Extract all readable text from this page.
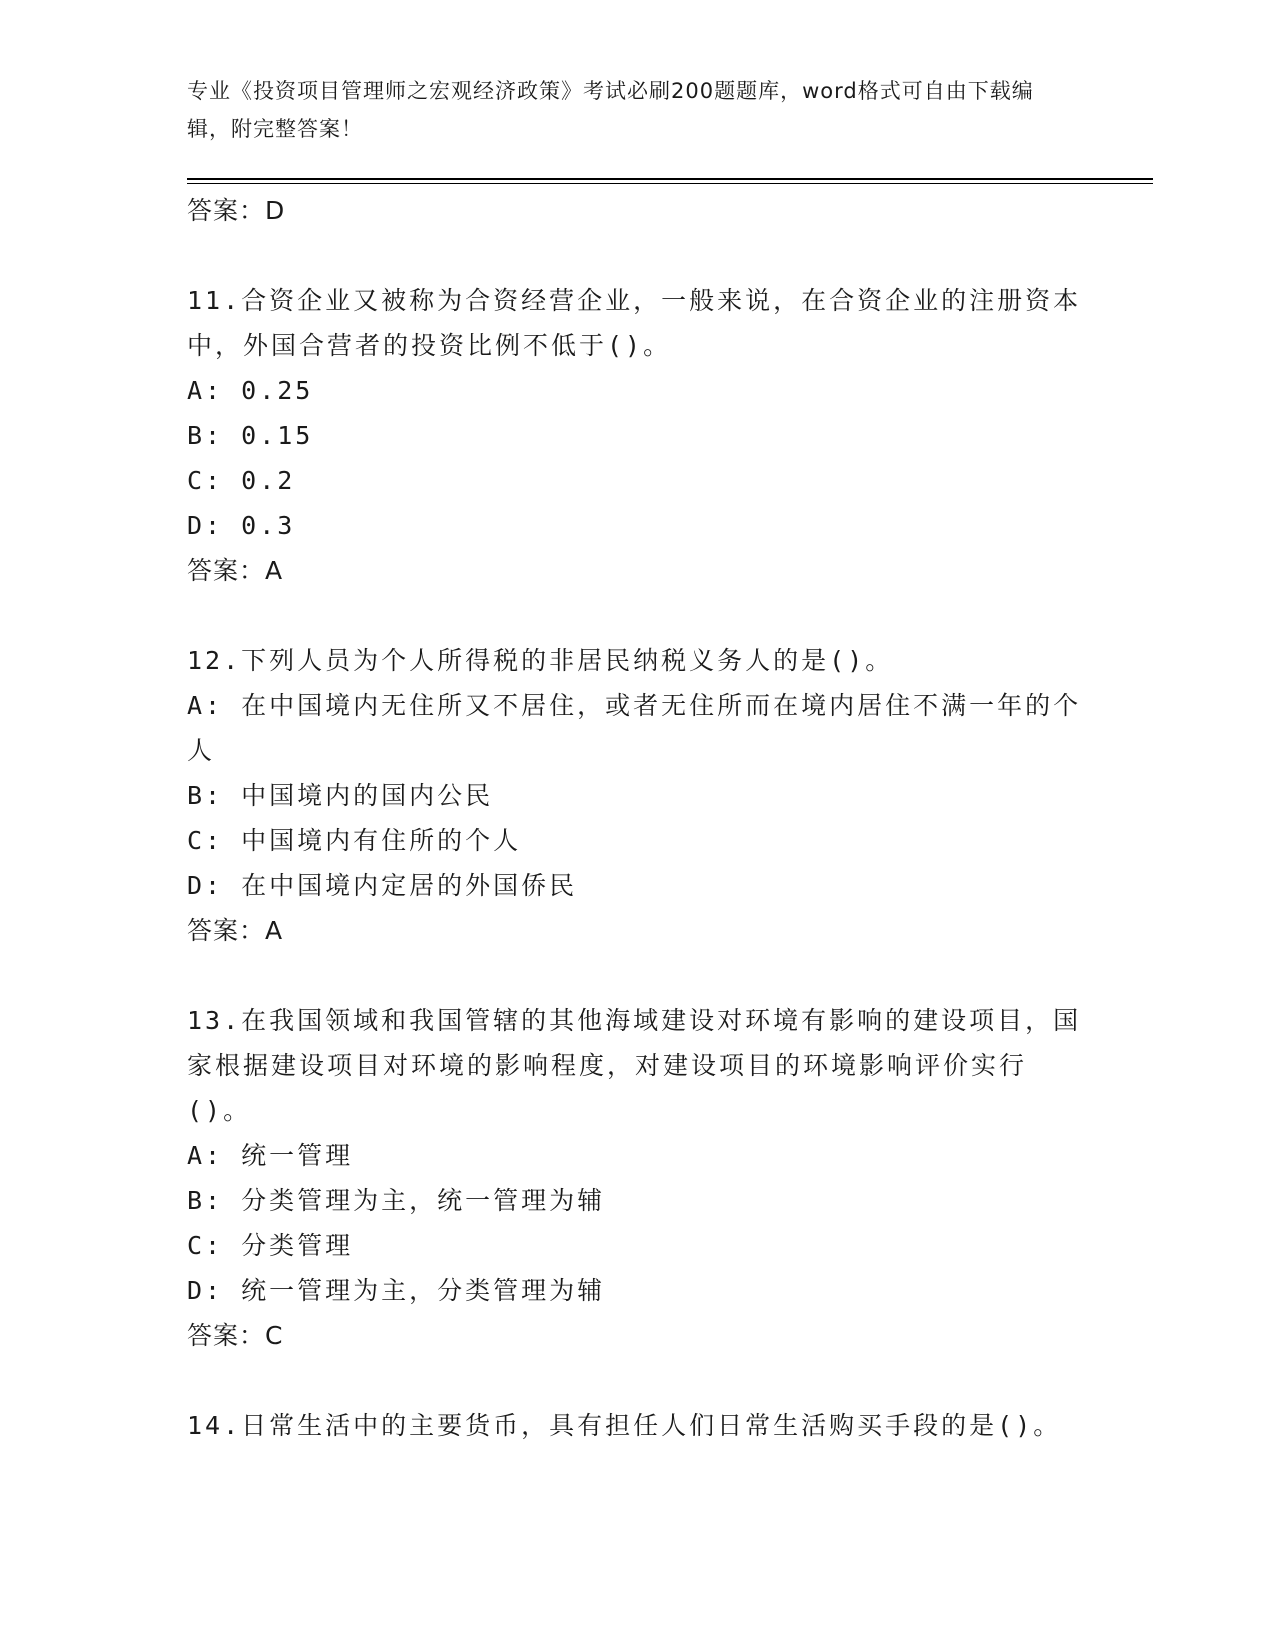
专业《投资项目管理师之宏观经济政策》考试必刷200题题库，word格式可自由下载编辑，附完整答案！

答案：D

11.合资企业又被称为合资经营企业，一般来说，在合资企业的注册资本中，外国合营者的投资比例不低于()。

A: 0.25

B: 0.15

C: 0.2

D: 0.3

答案：A

12.下列人员为个人所得税的非居民纳税义务人的是()。

A: 在中国境内无住所又不居住，或者无住所而在境内居住不满一年的个人

B: 中国境内的国内公民

C: 中国境内有住所的个人

D: 在中国境内定居的外国侨民

答案：A

13.在我国领域和我国管辖的其他海域建设对环境有影响的建设项目，国家根据建设项目对环境的影响程度，对建设项目的环境影响评价实行()。

A: 统一管理

B: 分类管理为主，统一管理为辅

C: 分类管理

D: 统一管理为主，分类管理为辅

答案：C

14.日常生活中的主要货币，具有担任人们日常生活购买手段的是()。
